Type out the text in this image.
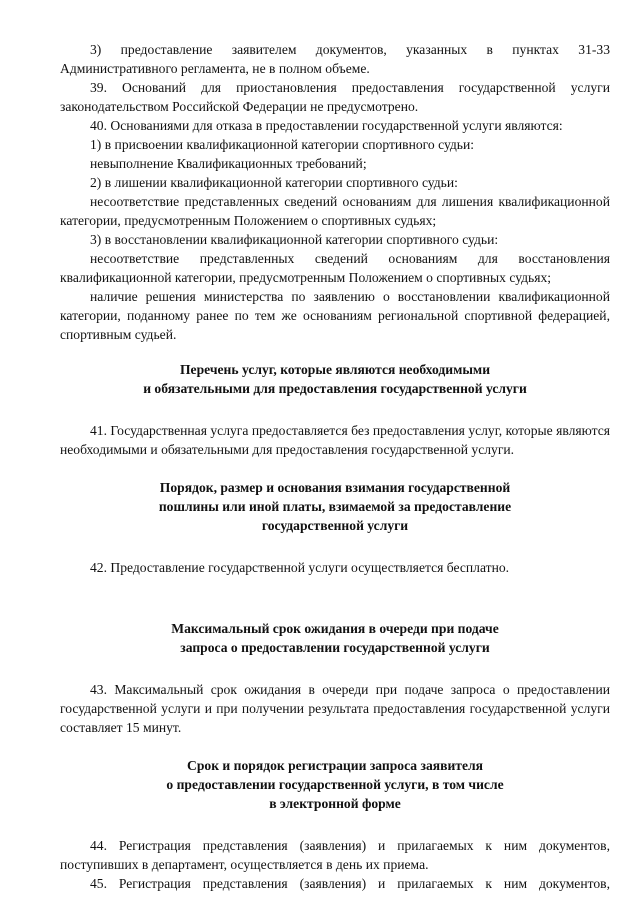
3) предоставление заявителем документов, указанных в пунктах 31-33 Административного регламента, не в полном объеме.

39. Оснований для приостановления предоставления государственной услуги законодательством Российской Федерации не предусмотрено.

40. Основаниями для отказа в предоставлении государственной услуги являются:

1) в присвоении квалификационной категории спортивного судьи:

невыполнение Квалификационных требований;

2) в лишении квалификационной категории спортивного судьи:

несоответствие представленных сведений основаниям для лишения квалификационной категории, предусмотренным Положением о спортивных судьях;

3) в восстановлении квалификационной категории спортивного судьи:

несоответствие представленных сведений основаниям для восстановления квалификационной категории, предусмотренным Положением о спортивных судьях;

наличие решения министерства по заявлению о восстановлении квалификационной категории, поданному ранее по тем же основаниям региональной спортивной федерацией, спортивным судьей.

Перечень услуг, которые являются необходимыми
и обязательными для предоставления государственной услуги

41. Государственная услуга предоставляется без предоставления услуг, которые являются необходимыми и обязательными для предоставления государственной услуги.

Порядок, размер и основания взимания государственной
пошлины или иной платы, взимаемой за предоставление
государственной услуги

42. Предоставление государственной услуги осуществляется бесплатно.

Максимальный срок ожидания в очереди при подаче
запроса о предоставлении государственной услуги

43. Максимальный срок ожидания в очереди при подаче запроса о предоставлении государственной услуги и при получении результата предоставления государственной услуги составляет 15 минут.

Срок и порядок регистрации запроса заявителя
о предоставлении государственной услуги, в том числе
в электронной форме

44. Регистрация представления (заявления) и прилагаемых к ним документов, поступивших в департамент, осуществляется в день их приема.

45. Регистрация представления (заявления) и прилагаемых к ним документов,
